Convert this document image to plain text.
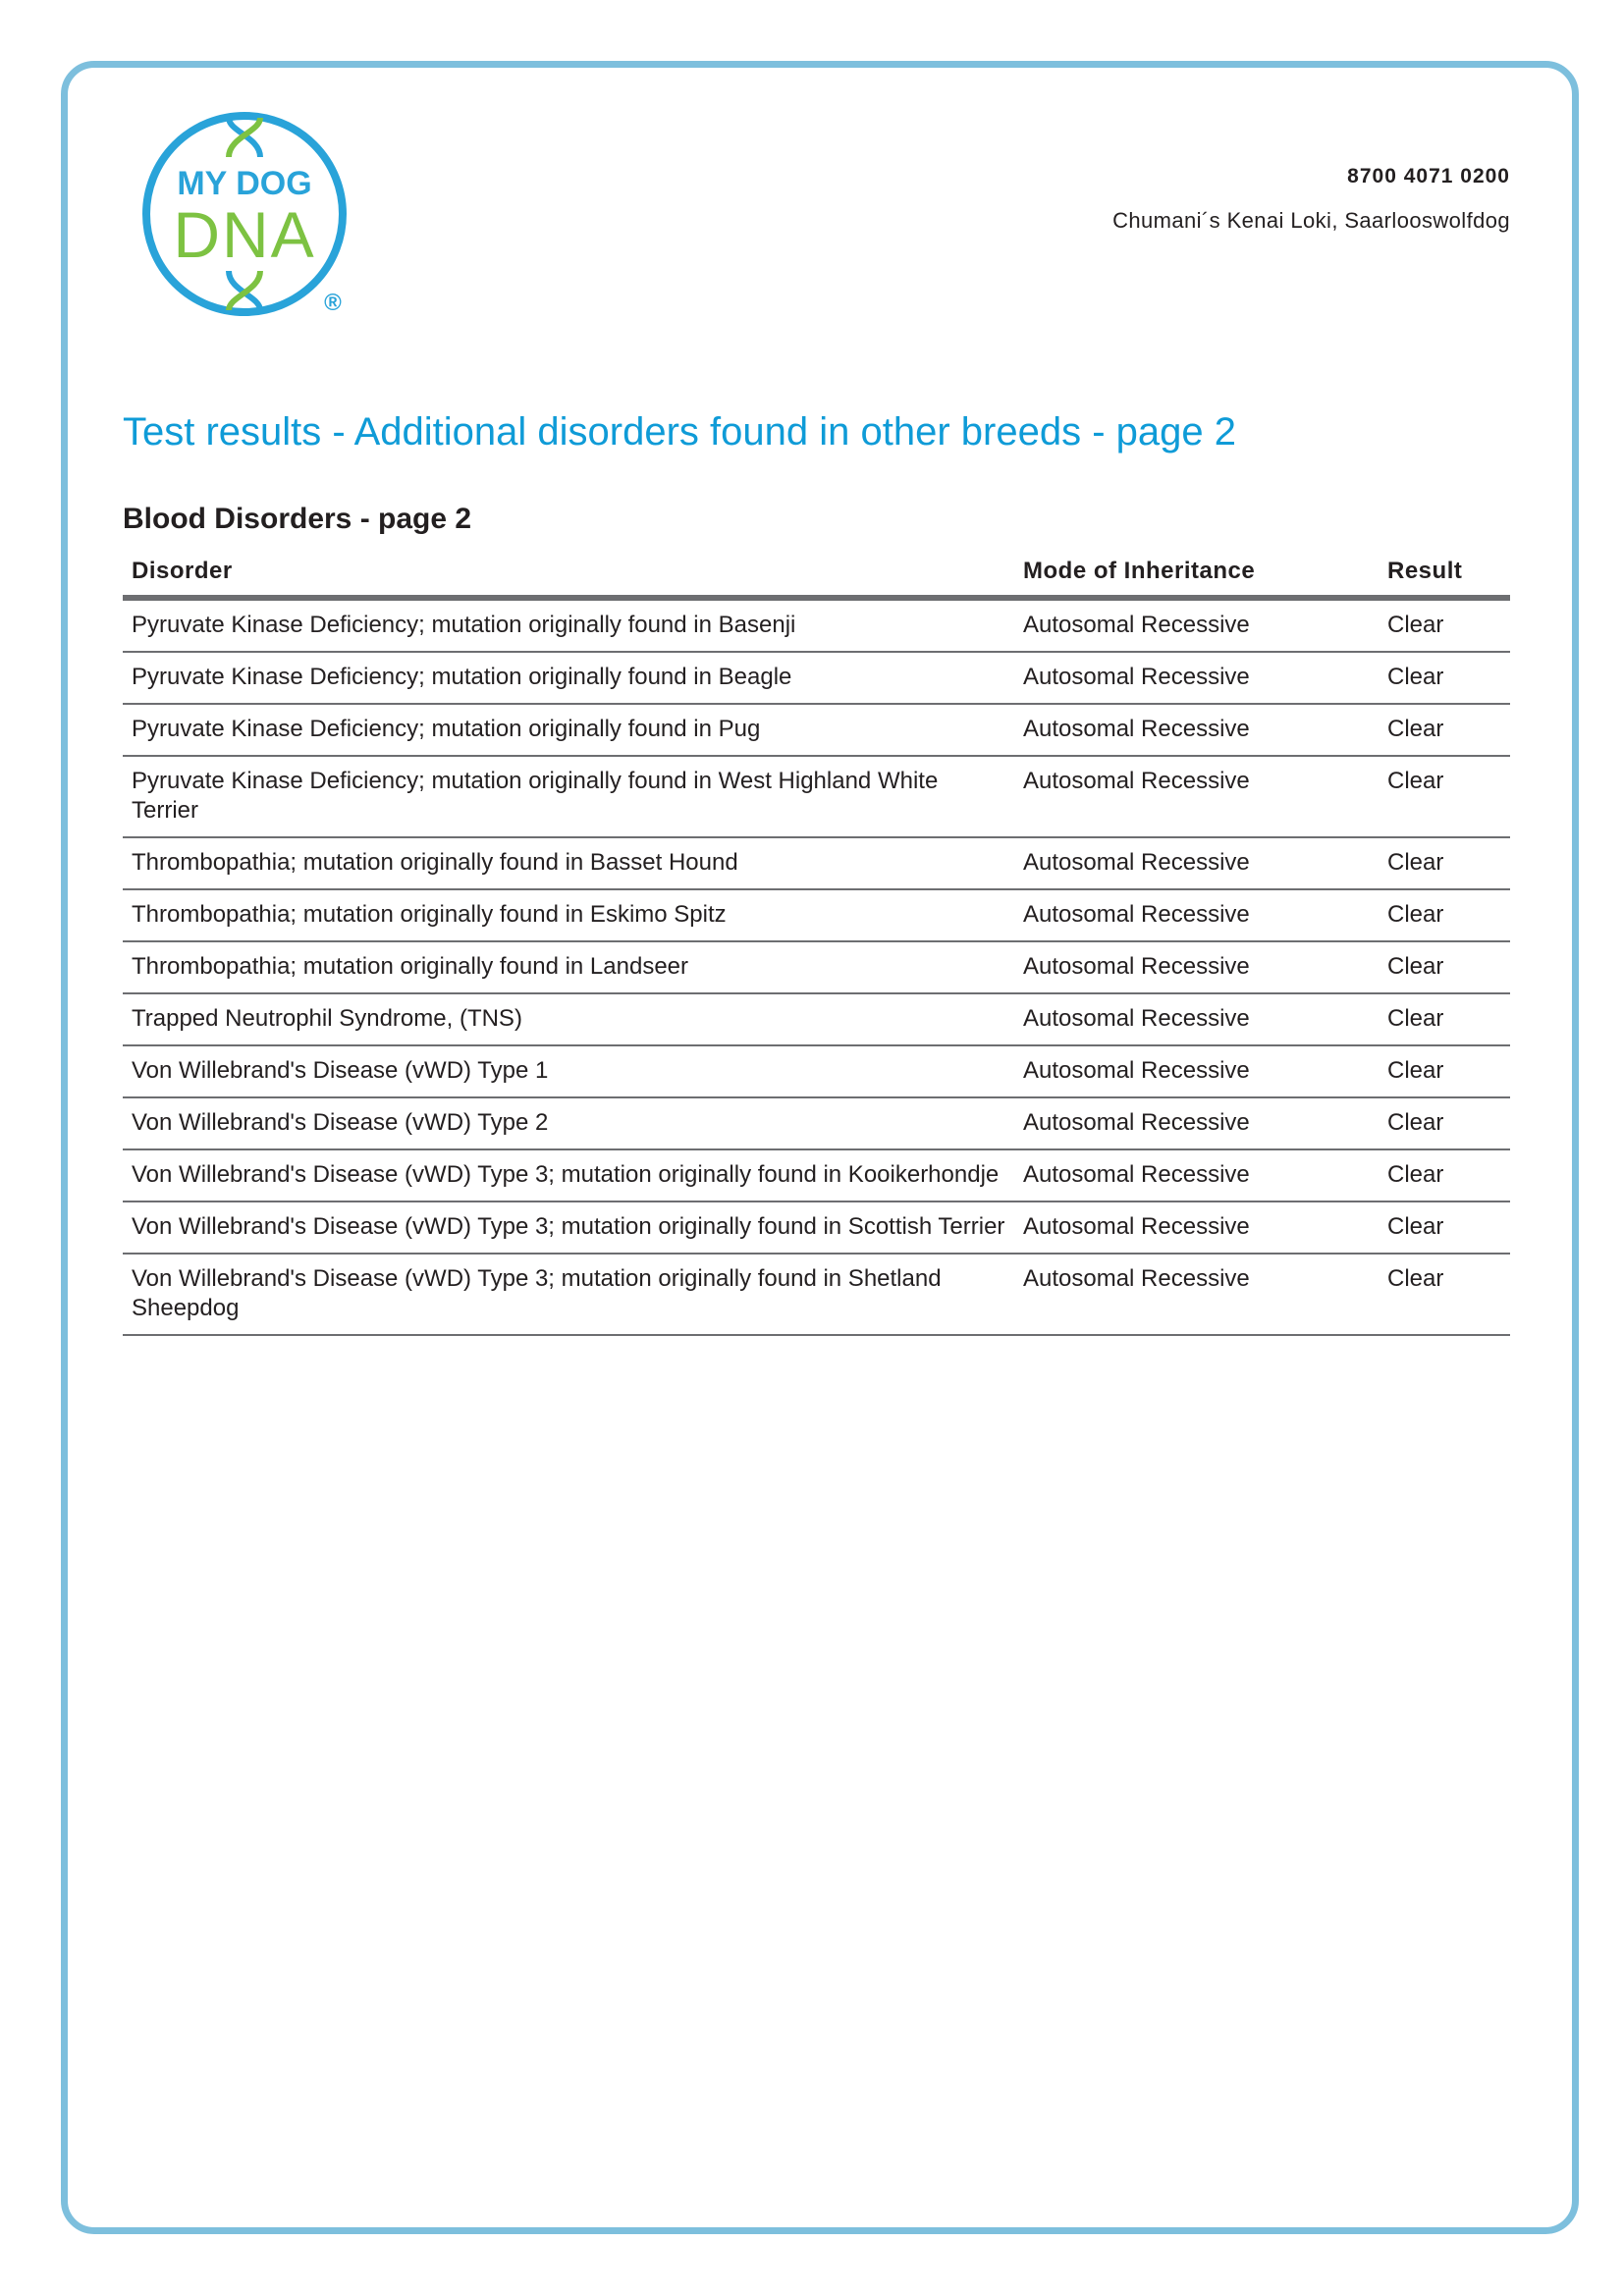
MY DOG
DNA
®
8700 4071 0200
Chumani´s Kenai Loki, Saarlooswolfdog
Test results - Additional disorders found in other breeds - page 2
Blood Disorders - page 2
Disorder	Mode of Inheritance	Result
Pyruvate Kinase Deficiency; mutation originally found in Basenji	Autosomal Recessive	Clear
Pyruvate Kinase Deficiency; mutation originally found in Beagle	Autosomal Recessive	Clear
Pyruvate Kinase Deficiency; mutation originally found in Pug	Autosomal Recessive	Clear
Pyruvate Kinase Deficiency; mutation originally found in West Highland White Terrier	Autosomal Recessive	Clear
Thrombopathia; mutation originally found in Basset Hound	Autosomal Recessive	Clear
Thrombopathia; mutation originally found in Eskimo Spitz	Autosomal Recessive	Clear
Thrombopathia; mutation originally found in Landseer	Autosomal Recessive	Clear
Trapped Neutrophil Syndrome, (TNS)	Autosomal Recessive	Clear
Von Willebrand's Disease (vWD) Type 1	Autosomal Recessive	Clear
Von Willebrand's Disease (vWD) Type 2	Autosomal Recessive	Clear
Von Willebrand's Disease (vWD) Type 3; mutation originally found in Kooikerhondje	Autosomal Recessive	Clear
Von Willebrand's Disease (vWD) Type 3; mutation originally found in Scottish Terrier	Autosomal Recessive	Clear
Von Willebrand's Disease (vWD) Type 3; mutation originally found in Shetland Sheepdog	Autosomal Recessive	Clear
